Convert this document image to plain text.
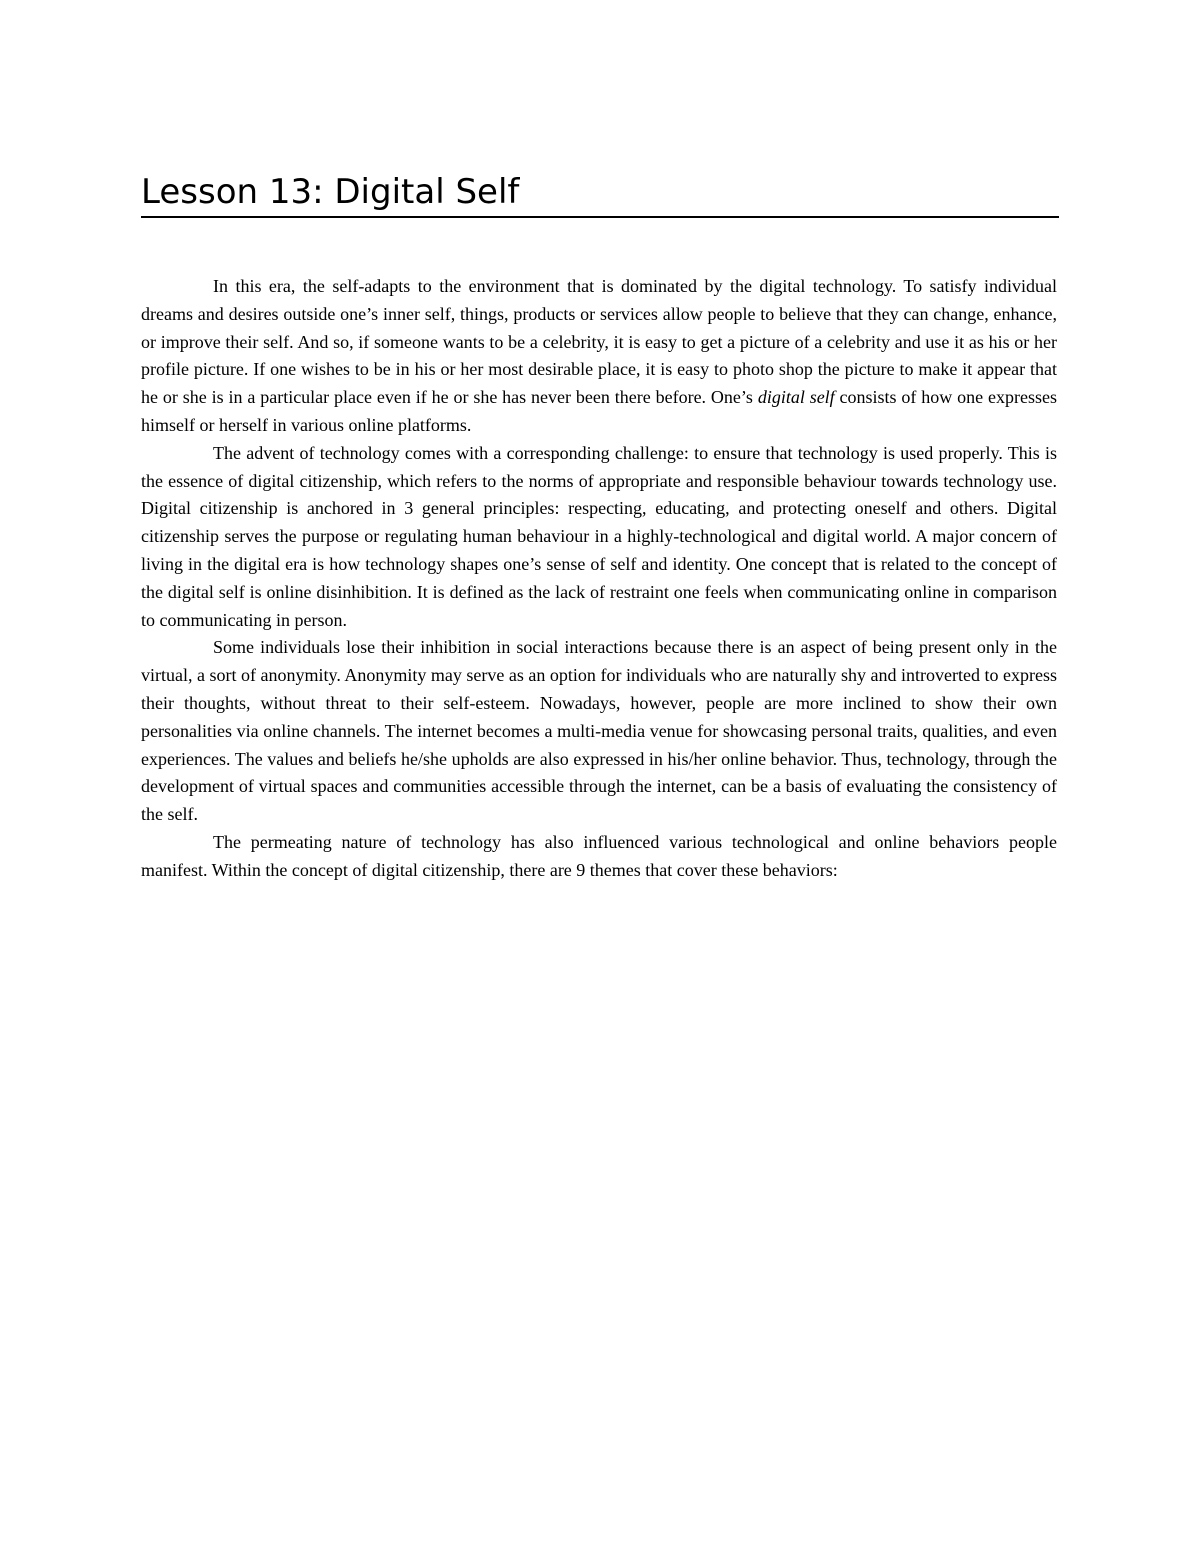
Lesson 13: Digital Self

In this era, the self-adapts to the environment that is dominated by the digital technology. To satisfy individual dreams and desires outside one’s inner self, things, products or services allow people to believe that they can change, enhance, or improve their self. And so, if someone wants to be a celebrity, it is easy to get a picture of a celebrity and use it as his or her profile picture. If one wishes to be in his or her most desirable place, it is easy to photo shop the picture to make it appear that he or she is in a particular place even if he or she has never been there before. One’s digital self consists of how one expresses himself or herself in various online platforms.

The advent of technology comes with a corresponding challenge: to ensure that technology is used properly. This is the essence of digital citizenship, which refers to the norms of appropriate and responsible behaviour towards technology use. Digital citizenship is anchored in 3 general principles: respecting, educating, and protecting oneself and others. Digital citizenship serves the purpose or regulating human behaviour in a highly-technological and digital world. A major concern of living in the digital era is how technology shapes one’s sense of self and identity. One concept that is related to the concept of the digital self is online disinhibition. It is defined as the lack of restraint one feels when communicating online in comparison to communicating in person.

Some individuals lose their inhibition in social interactions because there is an aspect of being present only in the virtual, a sort of anonymity. Anonymity may serve as an option for individuals who are naturally shy and introverted to express their thoughts, without threat to their self-esteem. Nowadays, however, people are more inclined to show their own personalities via online channels. The internet becomes a multi-media venue for showcasing personal traits, qualities, and even experiences. The values and beliefs he/she upholds are also expressed in his/her online behavior. Thus, technology, through the development of virtual spaces and communities accessible through the internet, can be a basis of evaluating the consistency of the self.

The permeating nature of technology has also influenced various technological and online behaviors people manifest. Within the concept of digital citizenship, there are 9 themes that cover these behaviors:
